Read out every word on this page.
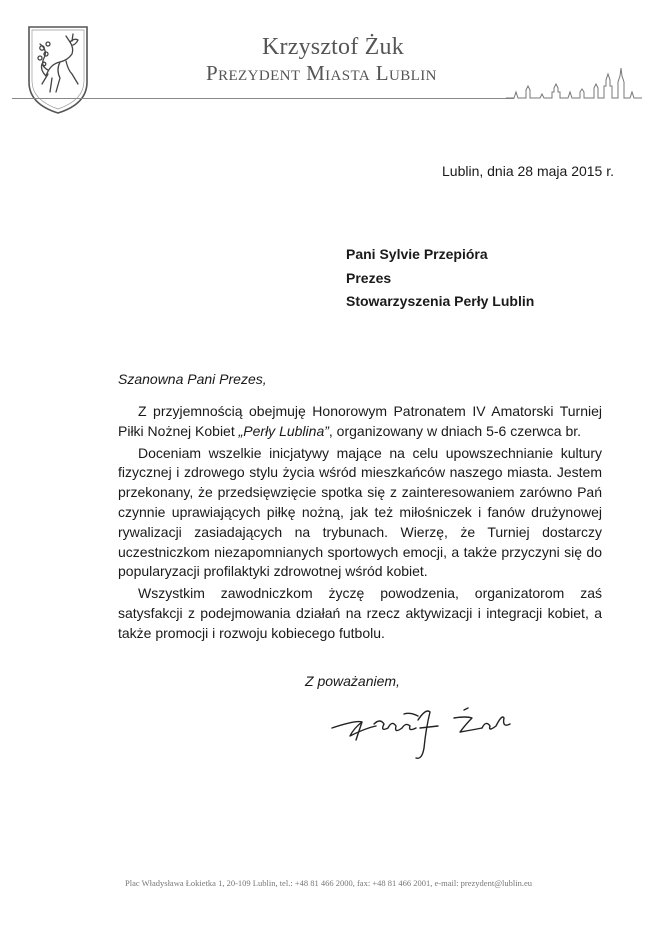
Krzysztof Żuk
Prezydent Miasta Lublin
Lublin, dnia 28 maja 2015 r.
Pani Sylvie Przepióra
Prezes
Stowarzyszenia Perły Lublin
Szanowna Pani Prezes,

Z przyjemnością obejmuję Honorowym Patronatem IV Amatorski Turniej Piłki Nożnej Kobiet „Perły Lublina”, organizowany w dniach 5-6 czerwca br.

Doceniam wszelkie inicjatywy mające na celu upowszechnianie kultury fizycznej i zdrowego stylu życia wśród mieszkańców naszego miasta. Jestem przekonany, że przedsięwzięcie spotka się z zainteresowaniem zarówno Pań czynnie uprawiających piłkę nożną, jak też miłośniczek i fanów drużynowej rywalizacji zasiadających na trybunach. Wierzę, że Turniej dostarczy uczestniczkom niezapomnianych sportowych emocji, a także przyczyni się do popularyzacji profilaktyki zdrowotnej wśród kobiet.

Wszystkim zawodniczkom życzę powodzenia, organizatorom zaś satysfakcji z podejmowania działań na rzecz aktywizacji i integracji kobiet, a także promocji i rozwoju kobiecego futbolu.

Z poważaniem,
Plac Władysława Łokietka 1, 20-109 Lublin, tel.: +48 81 466 2000, fax: +48 81 466 2001, e-mail: prezydent@lublin.eu
